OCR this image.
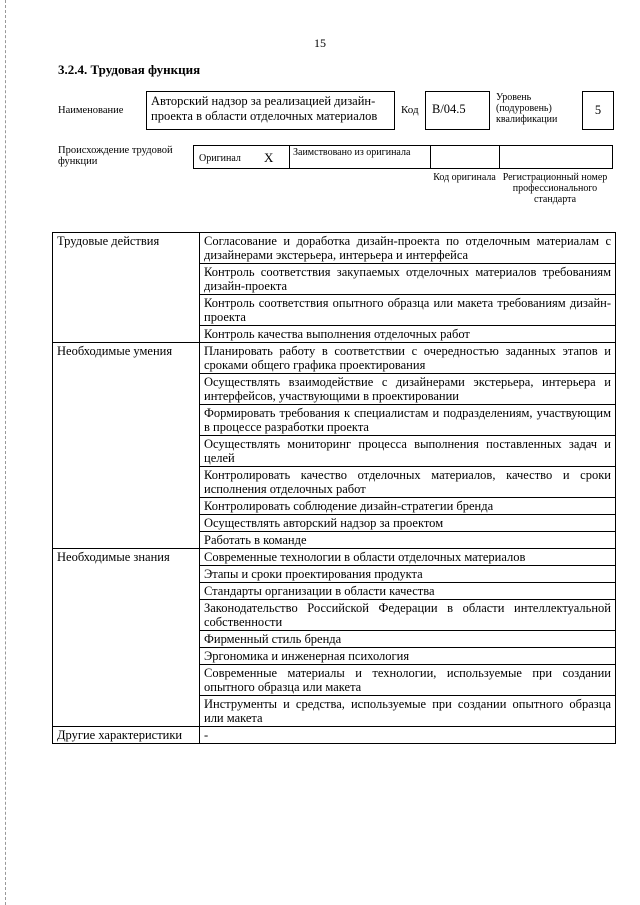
15
3.2.4. Трудовая функция
Наименование
Авторский надзор за реализацией дизайн-проекта в области отделочных материалов	Код	В/04.5
Уровень (подуровень) квалификации
5
Происхождение трудовой функции	Оригинал X Заимствовано из оригинала
Код оригинала Регистрационный номер профессионального стандарта
Трудовые действия	Согласование и доработка дизайн-проекта по отделочным материалам с дизайнерами экстерьера, интерьера и интерфейса
	Контроль соответствия закупаемых отделочных материалов требованиям дизайн-проекта
	Контроль соответствия опытного образца или макета требованиям дизайн-проекта
	Контроль качества выполнения отделочных работ
Необходимые умения	Планировать работу в соответствии с очередностью заданных этапов и сроками общего графика проектирования
	Осуществлять взаимодействие с дизайнерами экстерьера, интерьера и интерфейсов, участвующими в проектировании
	Формировать требования к специалистам и подразделениям, участвующим в процессе разработки проекта
	Осуществлять мониторинг процесса выполнения поставленных задач и целей
	Контролировать качество отделочных материалов, качество и сроки исполнения отделочных работ
	Контролировать соблюдение дизайн-стратегии бренда
	Осуществлять авторский надзор за проектом
	Работать в команде
Необходимые знания	Современные технологии в области отделочных материалов
	Этапы и сроки проектирования продукта
	Стандарты организации в области качества
	Законодательство Российской Федерации в области интеллектуальной собственности
	Фирменный стиль бренда
	Эргономика и инженерная психология
	Современные материалы и технологии, используемые при создании опытного образца или макета
	Инструменты и средства, используемые при создании опытного образца или макета
Другие характеристики	-
